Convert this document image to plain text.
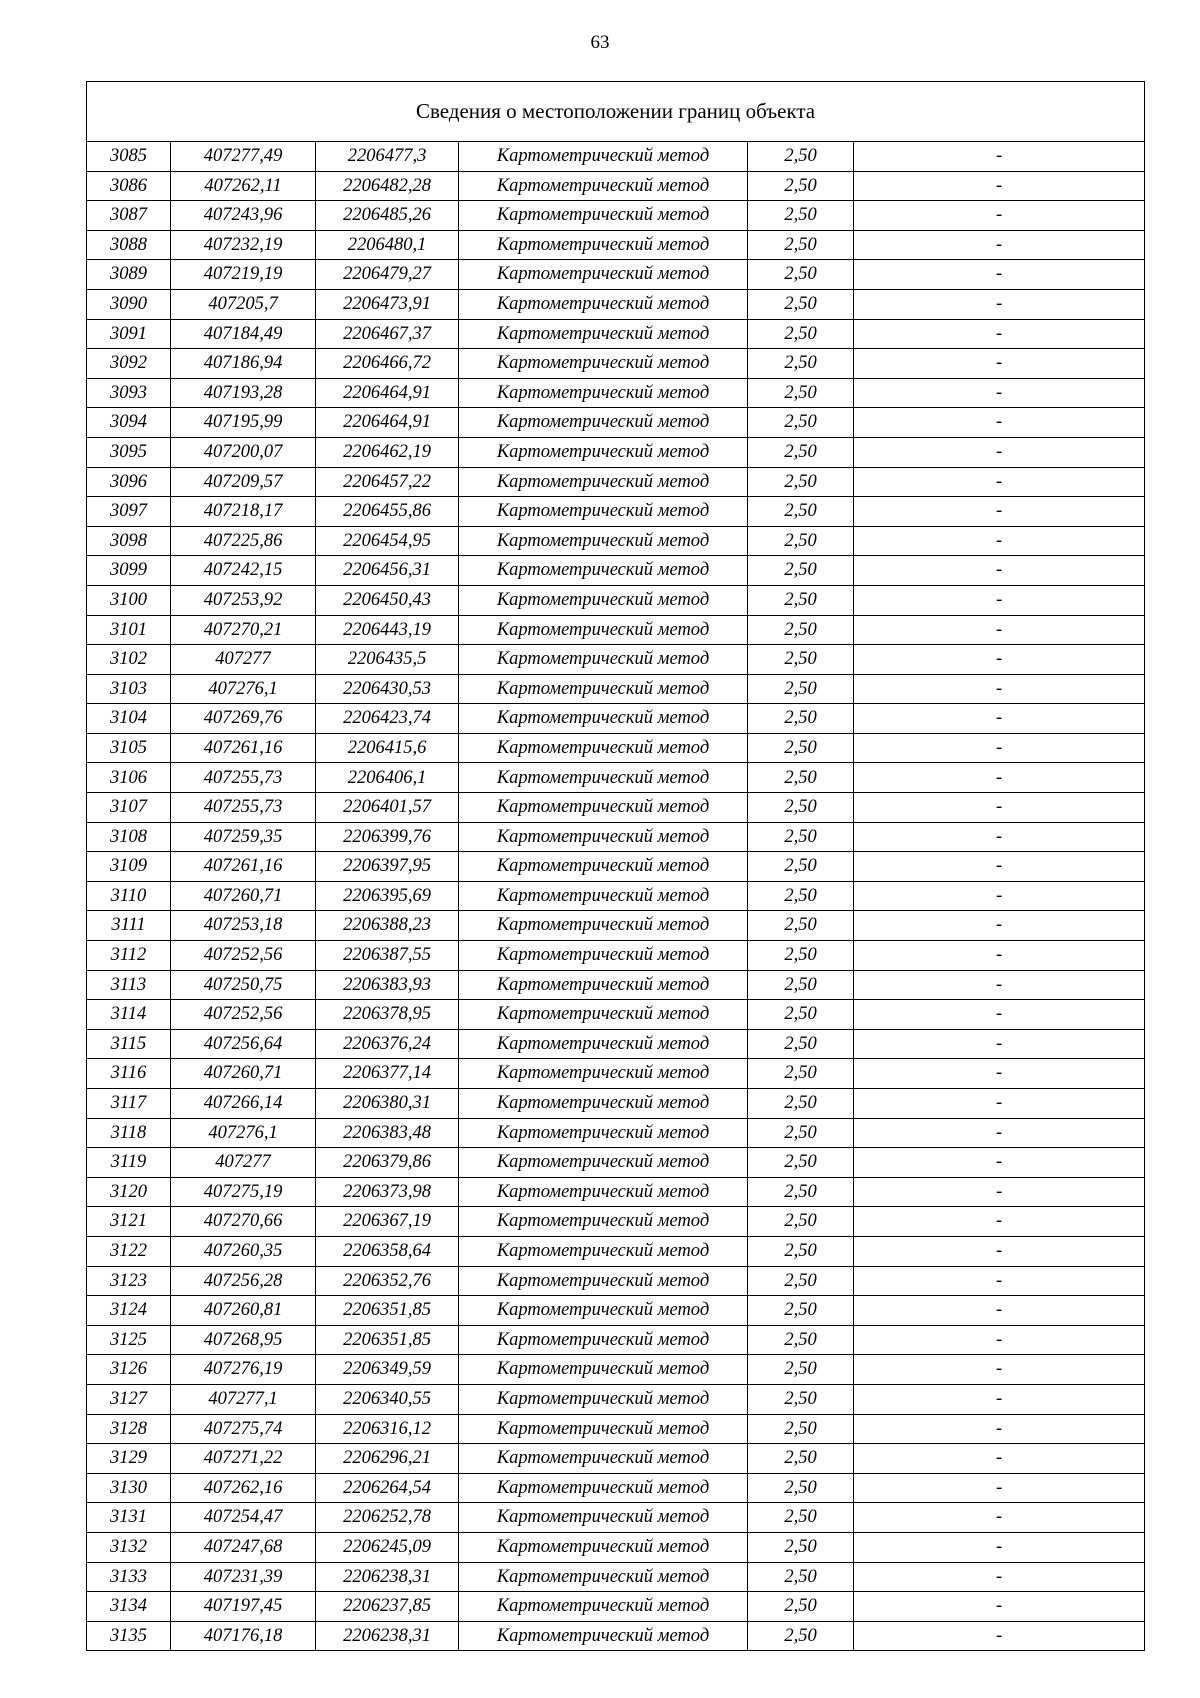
63
Сведения о местоположении границ объекта					
3085	407277,49	2206477,3	Картометрический метод	2,50	-
3086	407262,11	2206482,28	Картометрический метод	2,50	-
3087	407243,96	2206485,26	Картометрический метод	2,50	-
3088	407232,19	2206480,1	Картометрический метод	2,50	-
3089	407219,19	2206479,27	Картометрический метод	2,50	-
3090	407205,7	2206473,91	Картометрический метод	2,50	-
3091	407184,49	2206467,37	Картометрический метод	2,50	-
3092	407186,94	2206466,72	Картометрический метод	2,50	-
3093	407193,28	2206464,91	Картометрический метод	2,50	-
3094	407195,99	2206464,91	Картометрический метод	2,50	-
3095	407200,07	2206462,19	Картометрический метод	2,50	-
3096	407209,57	2206457,22	Картометрический метод	2,50	-
3097	407218,17	2206455,86	Картометрический метод	2,50	-
3098	407225,86	2206454,95	Картометрический метод	2,50	-
3099	407242,15	2206456,31	Картометрический метод	2,50	-
3100	407253,92	2206450,43	Картометрический метод	2,50	-
3101	407270,21	2206443,19	Картометрический метод	2,50	-
3102	407277	2206435,5	Картометрический метод	2,50	-
3103	407276,1	2206430,53	Картометрический метод	2,50	-
3104	407269,76	2206423,74	Картометрический метод	2,50	-
3105	407261,16	2206415,6	Картометрический метод	2,50	-
3106	407255,73	2206406,1	Картометрический метод	2,50	-
3107	407255,73	2206401,57	Картометрический метод	2,50	-
3108	407259,35	2206399,76	Картометрический метод	2,50	-
3109	407261,16	2206397,95	Картометрический метод	2,50	-
3110	407260,71	2206395,69	Картометрический метод	2,50	-
3111	407253,18	2206388,23	Картометрический метод	2,50	-
3112	407252,56	2206387,55	Картометрический метод	2,50	-
3113	407250,75	2206383,93	Картометрический метод	2,50	-
3114	407252,56	2206378,95	Картометрический метод	2,50	-
3115	407256,64	2206376,24	Картометрический метод	2,50	-
3116	407260,71	2206377,14	Картометрический метод	2,50	-
3117	407266,14	2206380,31	Картометрический метод	2,50	-
3118	407276,1	2206383,48	Картометрический метод	2,50	-
3119	407277	2206379,86	Картометрический метод	2,50	-
3120	407275,19	2206373,98	Картометрический метод	2,50	-
3121	407270,66	2206367,19	Картометрический метод	2,50	-
3122	407260,35	2206358,64	Картометрический метод	2,50	-
3123	407256,28	2206352,76	Картометрический метод	2,50	-
3124	407260,81	2206351,85	Картометрический метод	2,50	-
3125	407268,95	2206351,85	Картометрический метод	2,50	-
3126	407276,19	2206349,59	Картометрический метод	2,50	-
3127	407277,1	2206340,55	Картометрический метод	2,50	-
3128	407275,74	2206316,12	Картометрический метод	2,50	-
3129	407271,22	2206296,21	Картометрический метод	2,50	-
3130	407262,16	2206264,54	Картометрический метод	2,50	-
3131	407254,47	2206252,78	Картометрический метод	2,50	-
3132	407247,68	2206245,09	Картометрический метод	2,50	-
3133	407231,39	2206238,31	Картометрический метод	2,50	-
3134	407197,45	2206237,85	Картометрический метод	2,50	-
3135	407176,18	2206238,31	Картометрический метод	2,50	-
